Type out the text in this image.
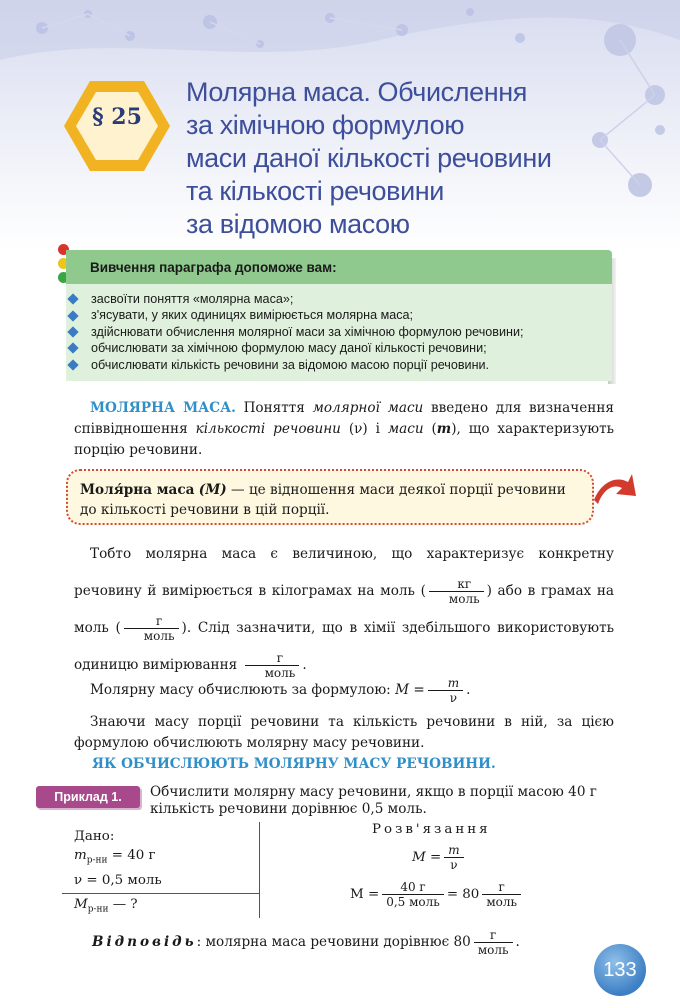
§ 25
Молярна маса. Обчислення
за хімічною формулою
маси даної кількості речовини
та кількості речовини
за відомою масою
Вивчення параграфа допоможе вам:
засвоїти поняття «молярна маса»;
з'ясувати, у яких одиницях вимірюється молярна маса;
здійснювати обчислення молярної маси за хімічною формулою речовини;
обчислювати за хімічною формулою масу даної кількості речовини;
обчислювати кількість речовини за відомою масою порції речовини.
МОЛЯРНА МАСА. Поняття молярної маси введено для визначення співвідношення кількості речовини (ν) і маси (m), що характеризують порцію речовини.
Моля́рна маса (M) — це відношення маси деякої порції речовини до кількості речовини в цій порції.
Тобто молярна маса є величиною, що характеризує конкретну речовину й вимірюється в кілограмах на моль ( $\frac{кг}{\text{моль}}$ ) або в грамах на моль ( $\frac{г}{\text{моль}}$ ). Слід зазначити, що в хімії здебільшого використовують одиницю вимірювання $\frac{г}{\text{моль}}$ .
Молярну масу обчислюють за формулою: $M = \frac{m}{\nu}$ .
Знаючи масу порції речовини та кількість речовини в ній, за цією формулою обчислюють молярну масу речовини.
ЯК ОБЧИСЛЮЮТЬ МОЛЯРНУ МАСУ РЕЧОВИНИ.
Приклад 1.	Обчислити молярну масу речовини, якщо в порції масою 40 г кількість речовини дорівнює 0,5 моль.
Дано:
$m_{р-ни} = 40$ г
ν = 0,5 моль
$M_{р-ни}$ — ?
Розв'язання
$M = \frac{m}{\nu}$
$M = \frac{40 г}{\text{0,5 моль}} = 80 \frac{г}{\text{моль}}$
Відповідь: молярна маса речовини дорівнює $80 \frac{г}{\text{моль}}$ .
133
